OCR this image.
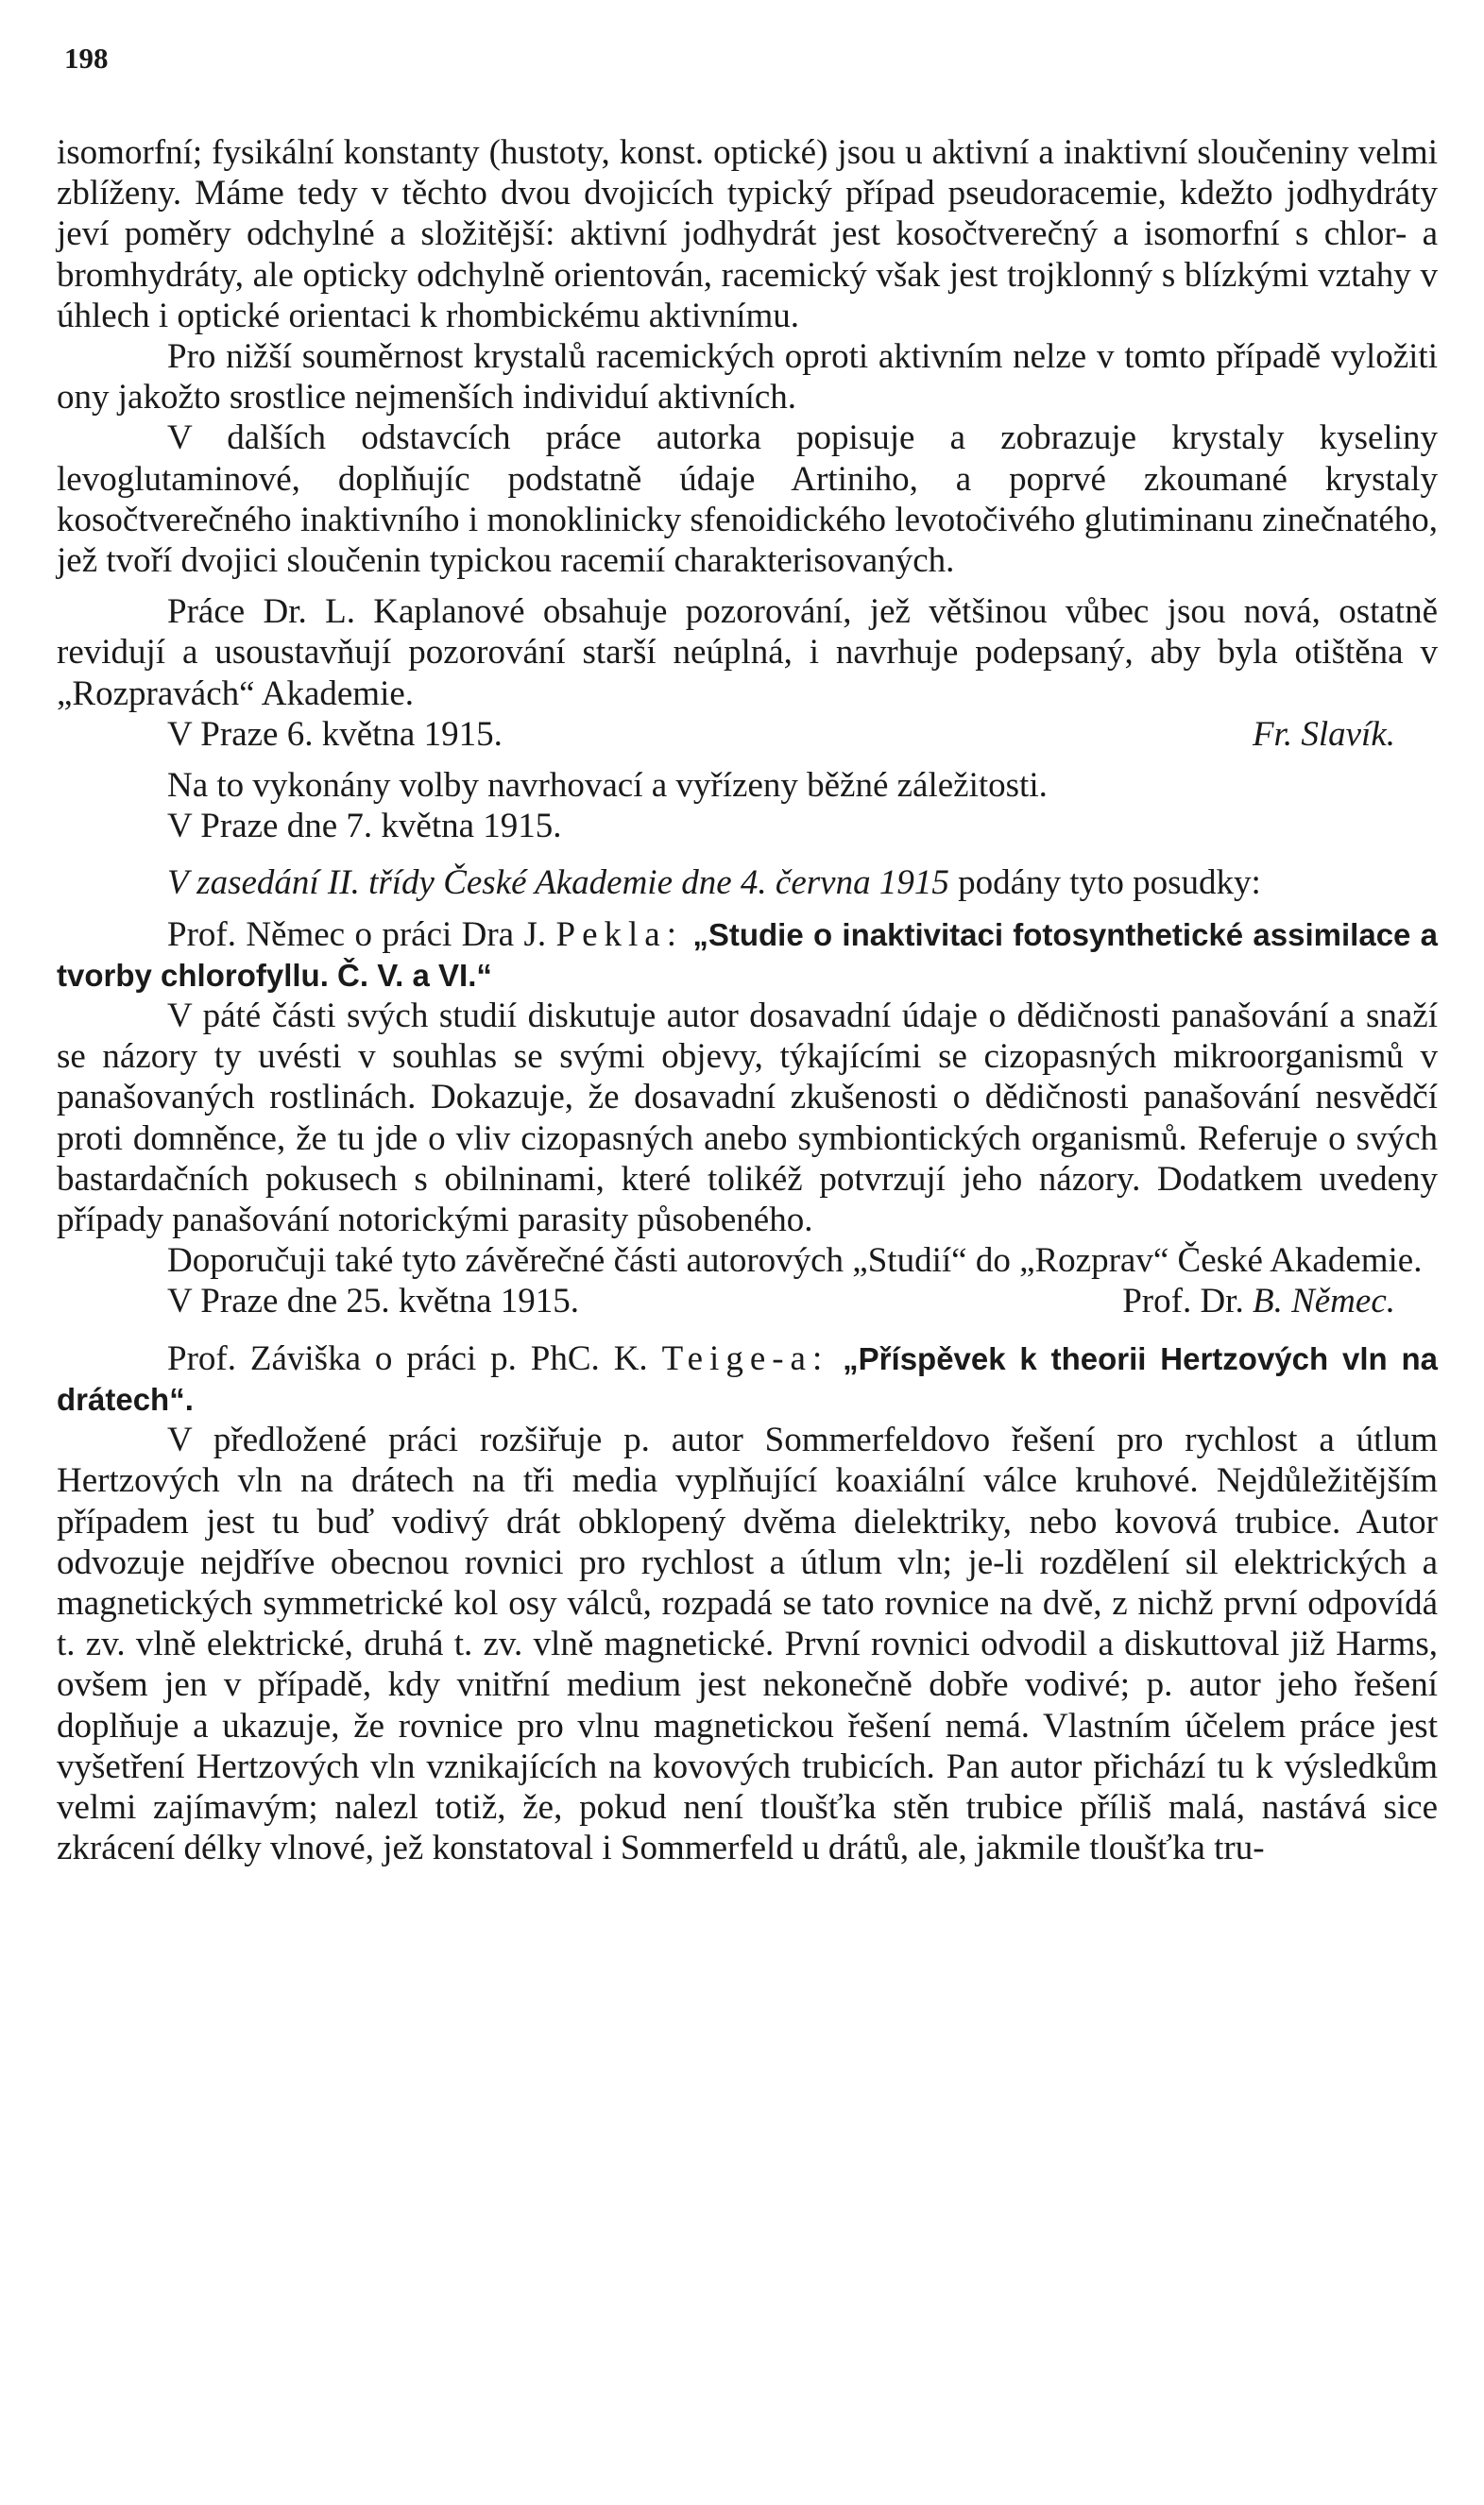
198

isomorfní; fysikální konstanty (hustoty, konst. optické) jsou u aktivní a inaktivní sloučeniny velmi zblíženy. Máme tedy v těchto dvou dvojicích typický případ pseudoracemie, kdežto jodhydráty jeví poměry odchylné a složitější: aktivní jodhydrát jest kosočtverečný a isomorfní s chlor- a bromhydráty, ale opticky odchylně orientován, racemický však jest trojklonný s blízkými vztahy v úhlech i optické orientaci k rhombickému aktivnímu.

Pro nižší souměrnost krystalů racemických oproti aktivním nelze v tomto případě vyložiti ony jakožto srostlice nejmenších individuí aktivních.

V dalších odstavcích práce autorka popisuje a zobrazuje krystaly kyseliny levoglutaminové, doplňujíc podstatně údaje Artiniho, a poprvé zkoumané krystaly kosočtverečného inaktivního i monoklinicky sfenoidického levotočivého glutiminanu zinečnatého, jež tvoří dvojici sloučenin typickou racemií charakterisovaných.

Práce Dr. L. Kaplanové obsahuje pozorování, jež většinou vůbec jsou nová, ostatně revidují a usoustavňují pozorování starší neúplná, i navrhuje podepsaný, aby byla otištěna v „Rozpravách“ Akademie.

V Praze 6. května 1915.	Fr. Slavík.

Na to vykonány volby navrhovací a vyřízeny běžné záležitosti.

V Praze dne 7. května 1915.

V zasedání II. třídy České Akademie dne 4. června 1915 podány tyto posudky:

Prof. Němec o práci Dra J. Pekla: „Studie o inaktivitaci fotosynthetické assimilace a tvorby chlorofyllu. Č. V. a VI.“

V páté části svých studií diskutuje autor dosavadní údaje o dědičnosti panašování a snaží se názory ty uvésti v souhlas se svými objevy, týkajícími se cizopasných mikroorganismů v panašovaných rostlinách. Dokazuje, že dosavadní zkušenosti o dědičnosti panašování nesvědčí proti domněnce, že tu jde o vliv cizopasných anebo symbiontických organismů. Referuje o svých bastardačních pokusech s obilninami, které tolikéž potvrzují jeho názory. Dodatkem uvedeny případy panašování notorickými parasity působeného.

Doporučuji také tyto závěrečné části autorových „Studií“ do „Rozprav“ České Akademie.

V Praze dne 25. května 1915.	Prof. Dr. B. Němec.

Prof. Záviška o práci p. PhC. K. Teige-a: „Příspěvek k theorii Hertzových vln na drátech“.

V předložené práci rozšiřuje p. autor Sommerfeldovo řešení pro rychlost a útlum Hertzových vln na drátech na tři media vyplňující koaxiální válce kruhové. Nejdůležitějším případem jest tu buď vodivý drát obklopený dvěma dielektriky, nebo kovová trubice. Autor odvozuje nejdříve obecnou rovnici pro rychlost a útlum vln; je-li rozdělení sil elektrických a magnetických symmetrické kol osy válců, rozpadá se tato rovnice na dvě, z nichž první odpovídá t. zv. vlně elektrické, druhá t. zv. vlně magnetické. První rovnici odvodil a diskuttoval již Harms, ovšem jen v případě, kdy vnitřní medium jest nekonečně dobře vodivé; p. autor jeho řešení doplňuje a ukazuje, že rovnice pro vlnu magnetickou řešení nemá. Vlastním účelem práce jest vyšetření Hertzových vln vznikajících na kovových trubicích. Pan autor přichází tu k výsledkům velmi zajímavým; nalezl totiž, že, pokud není tloušťka stěn trubice příliš malá, nastává sice zkrácení délky vlnové, jež konstatoval i Sommerfeld u drátů, ale, jakmile tloušťka tru-
